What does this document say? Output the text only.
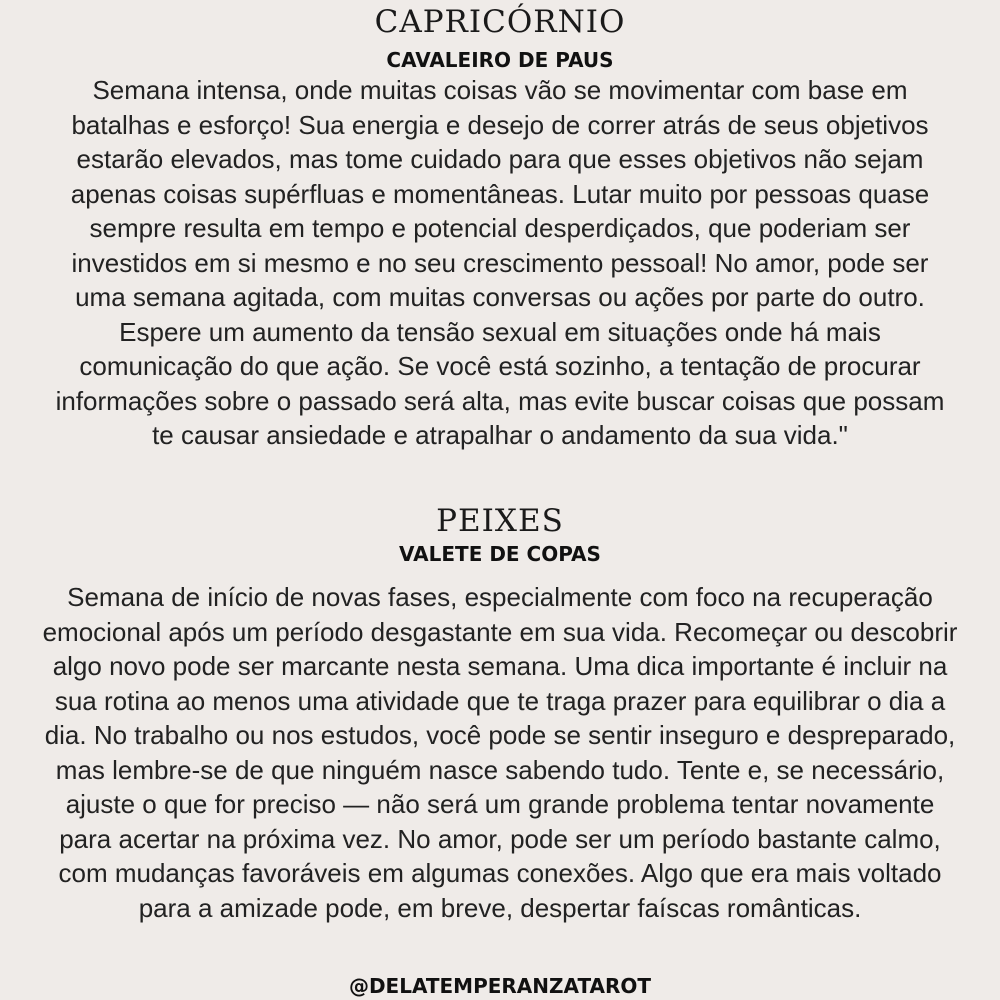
CAPRICÓRNIO
CAVALEIRO DE PAUS
Semana intensa, onde muitas coisas vão se movimentar com base em
batalhas e esforço! Sua energia e desejo de correr atrás de seus objetivos
estarão elevados, mas tome cuidado para que esses objetivos não sejam
apenas coisas supérfluas e momentâneas. Lutar muito por pessoas quase
sempre resulta em tempo e potencial desperdiçados, que poderiam ser
investidos em si mesmo e no seu crescimento pessoal! No amor, pode ser
uma semana agitada, com muitas conversas ou ações por parte do outro.
Espere um aumento da tensão sexual em situações onde há mais
comunicação do que ação. Se você está sozinho, a tentação de procurar
informações sobre o passado será alta, mas evite buscar coisas que possam
te causar ansiedade e atrapalhar o andamento da sua vida."
PEIXES
VALETE DE COPAS
Semana de início de novas fases, especialmente com foco na recuperação
emocional após um período desgastante em sua vida. Recomeçar ou descobrir
algo novo pode ser marcante nesta semana. Uma dica importante é incluir na
sua rotina ao menos uma atividade que te traga prazer para equilibrar o dia a
dia. No trabalho ou nos estudos, você pode se sentir inseguro e despreparado,
mas lembre-se de que ninguém nasce sabendo tudo. Tente e, se necessário,
ajuste o que for preciso — não será um grande problema tentar novamente
para acertar na próxima vez. No amor, pode ser um período bastante calmo,
com mudanças favoráveis em algumas conexões. Algo que era mais voltado
para a amizade pode, em breve, despertar faíscas românticas.
@DELATEMPERANZATAROT
